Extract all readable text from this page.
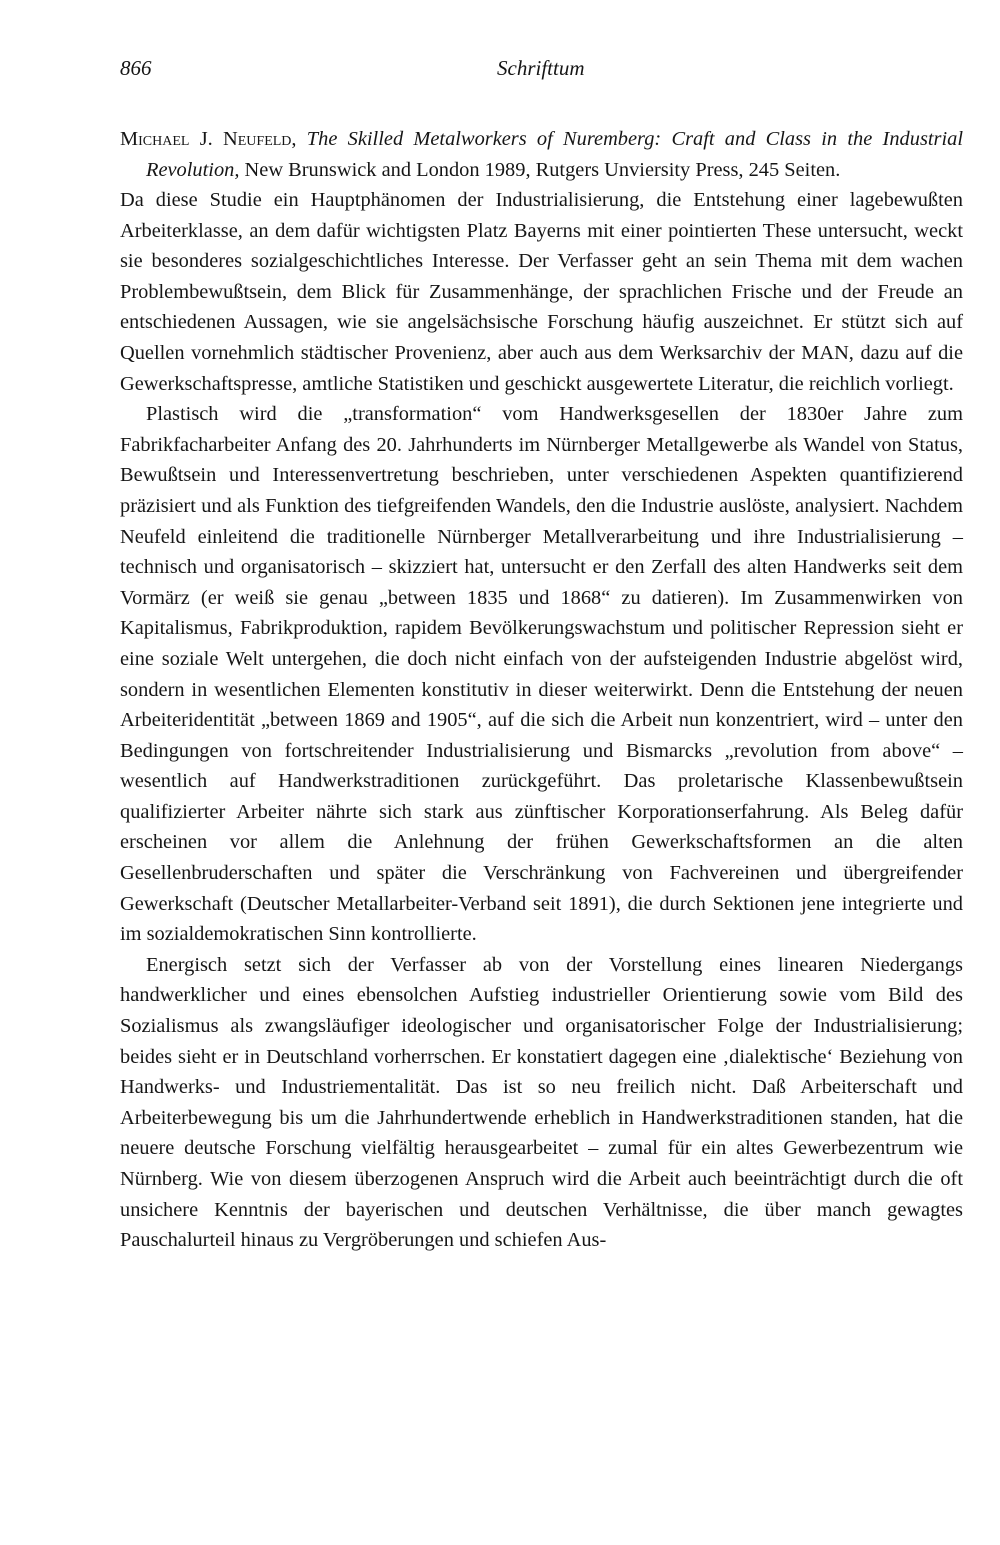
866	Schrifttum

Michael J. Neufeld, The Skilled Metalworkers of Nuremberg: Craft and Class in the Industrial Revolution, New Brunswick and London 1989, Rutgers Unviersity Press, 245 Seiten.

Da diese Studie ein Hauptphänomen der Industrialisierung, die Entstehung einer lagebewußten Arbeiterklasse, an dem dafür wichtigsten Platz Bayerns mit einer pointierten These untersucht, weckt sie besonderes sozialgeschichtliches Interesse. Der Verfasser geht an sein Thema mit dem wachen Problembewußtsein, dem Blick für Zusammenhänge, der sprachlichen Frische und der Freude an entschiedenen Aussagen, wie sie angelsächsische Forschung häufig auszeichnet. Er stützt sich auf Quellen vornehmlich städtischer Provenienz, aber auch aus dem Werksarchiv der MAN, dazu auf die Gewerkschaftspresse, amtliche Statistiken und geschickt ausgewertete Literatur, die reichlich vorliegt.

Plastisch wird die „transformation“ vom Handwerksgesellen der 1830er Jahre zum Fabrikfacharbeiter Anfang des 20. Jahrhunderts im Nürnberger Metallgewerbe als Wandel von Status, Bewußtsein und Interessenvertretung beschrieben, unter verschiedenen Aspekten quantifizierend präzisiert und als Funktion des tiefgreifenden Wandels, den die Industrie auslöste, analysiert. Nachdem Neufeld einleitend die traditionelle Nürnberger Metallverarbeitung und ihre Industrialisierung – technisch und organisatorisch – skizziert hat, untersucht er den Zerfall des alten Handwerks seit dem Vormärz (er weiß sie genau „between 1835 und 1868“ zu datieren). Im Zusammenwirken von Kapitalismus, Fabrikproduktion, rapidem Bevölkerungswachstum und politischer Repression sieht er eine soziale Welt untergehen, die doch nicht einfach von der aufsteigenden Industrie abgelöst wird, sondern in wesentlichen Elementen konstitutiv in dieser weiterwirkt. Denn die Entstehung der neuen Arbeiteridentität „between 1869 and 1905“, auf die sich die Arbeit nun konzentriert, wird – unter den Bedingungen von fortschreitender Industrialisierung und Bismarcks „revolution from above“ – wesentlich auf Handwerkstraditionen zurückgeführt. Das proletarische Klassenbewußtsein qualifizierter Arbeiter nährte sich stark aus zünftischer Korporationserfahrung. Als Beleg dafür erscheinen vor allem die Anlehnung der frühen Gewerkschaftsformen an die alten Gesellenbruderschaften und später die Verschränkung von Fachvereinen und übergreifender Gewerkschaft (Deutscher Metallarbeiter-Verband seit 1891), die durch Sektionen jene integrierte und im sozialdemokratischen Sinn kontrollierte.

Energisch setzt sich der Verfasser ab von der Vorstellung eines linearen Niedergangs handwerklicher und eines ebensolchen Aufstieg industrieller Orientierung sowie vom Bild des Sozialismus als zwangsläufiger ideologischer und organisatorischer Folge der Industrialisierung; beides sieht er in Deutschland vorherrschen. Er konstatiert dagegen eine ‚dialektische‘ Beziehung von Handwerks- und Industriementalität. Das ist so neu freilich nicht. Daß Arbeiterschaft und Arbeiterbewegung bis um die Jahrhundertwende erheblich in Handwerkstraditionen standen, hat die neuere deutsche Forschung vielfältig herausgearbeitet – zumal für ein altes Gewerbezentrum wie Nürnberg. Wie von diesem überzogenen Anspruch wird die Arbeit auch beeinträchtigt durch die oft unsichere Kenntnis der bayerischen und deutschen Verhältnisse, die über manch gewagtes Pauschalurteil hinaus zu Vergröberungen und schiefen Aus-
